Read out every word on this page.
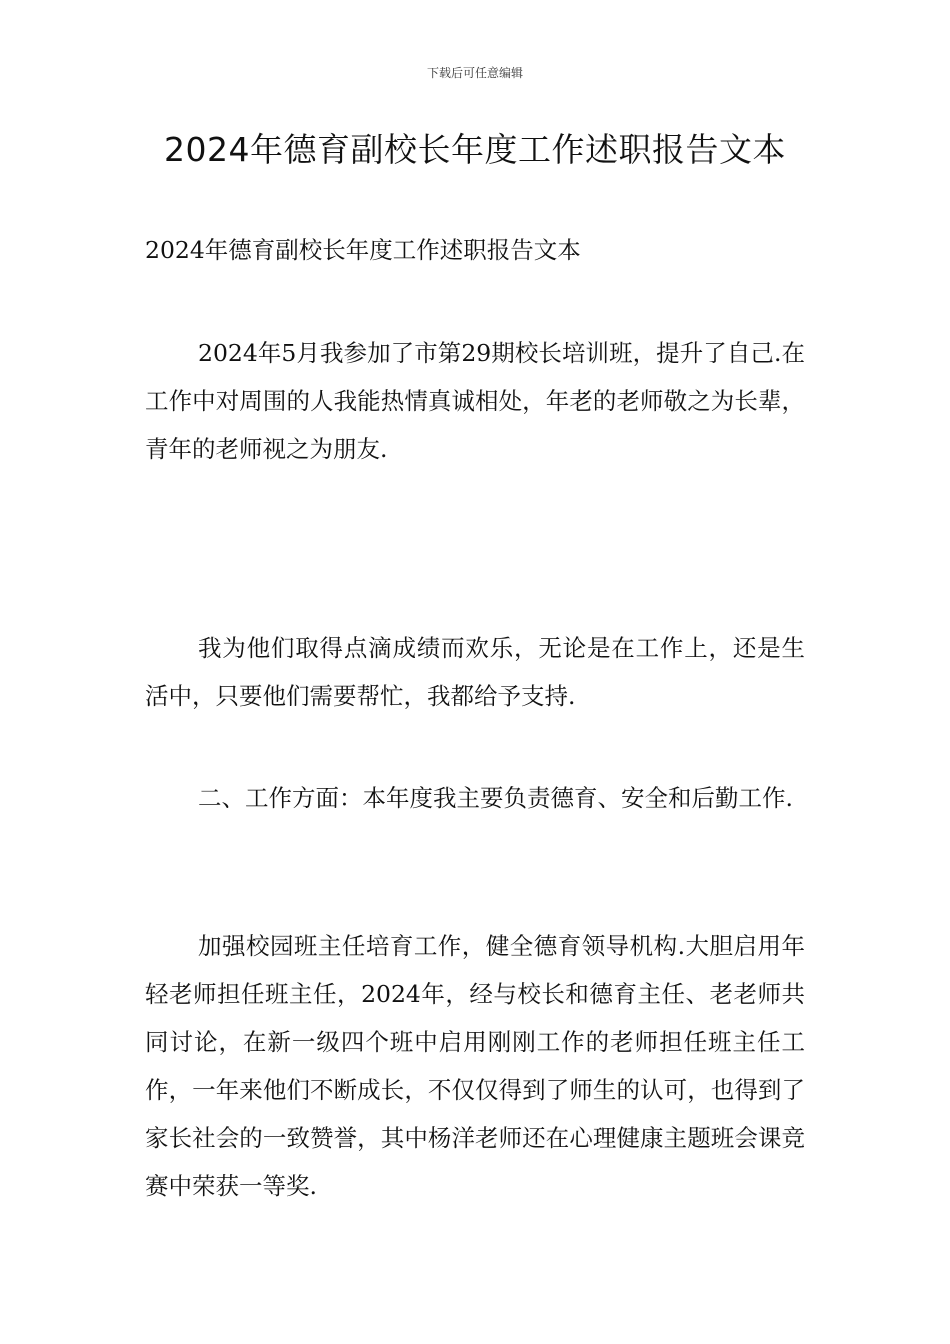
下载后可任意编辑
2024年德育副校长年度工作述职报告文本
2024年德育副校长年度工作述职报告文本
2024年5月我参加了市第29期校长培训班，提升了自己.在工作中对周围的人我能热情真诚相处，年老的老师敬之为长辈，青年的老师视之为朋友.
我为他们取得点滴成绩而欢乐，无论是在工作上，还是生活中，只要他们需要帮忙，我都给予支持.
二、工作方面：本年度我主要负责德育、安全和后勤工作.
加强校园班主任培育工作，健全德育领导机构.大胆启用年轻老师担任班主任，2024年，经与校长和德育主任、老老师共同讨论，在新一级四个班中启用刚刚工作的老师担任班主任工作，一年来他们不断成长，不仅仅得到了师生的认可，也得到了家长社会的一致赞誉，其中杨洋老师还在心理健康主题班会课竞赛中荣获一等奖.
